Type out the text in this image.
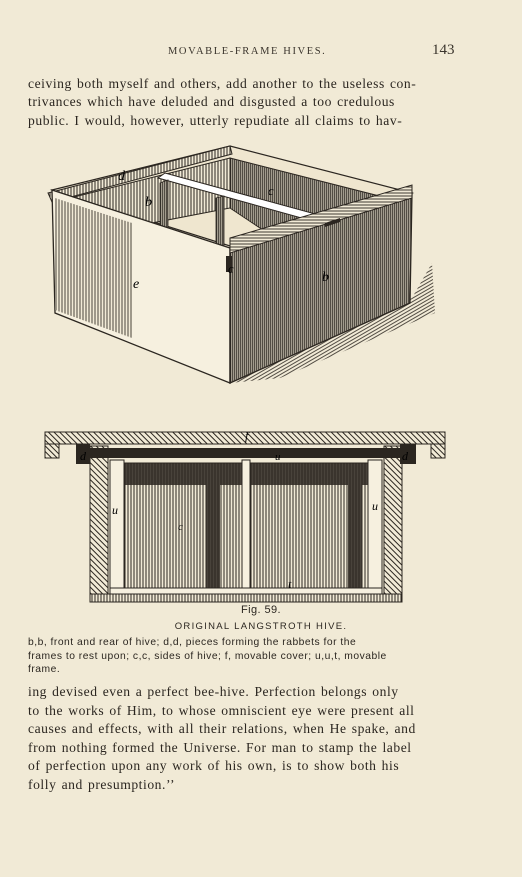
MOVABLE-FRAME HIVES.	143
ceiving both myself and others, add another to the useless con-
trivances which have deluded and disgusted a too credulous
public. I would, however, utterly repudiate all claims to hav-
d
b
c
c
e	b
f
d	d
u
u	u
c
t
Fig. 59.
ORIGINAL LANGSTROTH HIVE.
b,b, front and rear of hive; d,d, pieces forming the rabbets for the
frames to rest upon; c,c, sides of hive; f, movable cover; u,u,t, movable
frame.
ing devised even a perfect bee-hive. Perfection belongs only
to the works of Him, to whose omniscient eye were present all
causes and effects, with all their relations, when He spake, and
from nothing formed the Universe. For man to stamp the label
of perfection upon any work of his own, is to show both his
folly and presumption.’’
